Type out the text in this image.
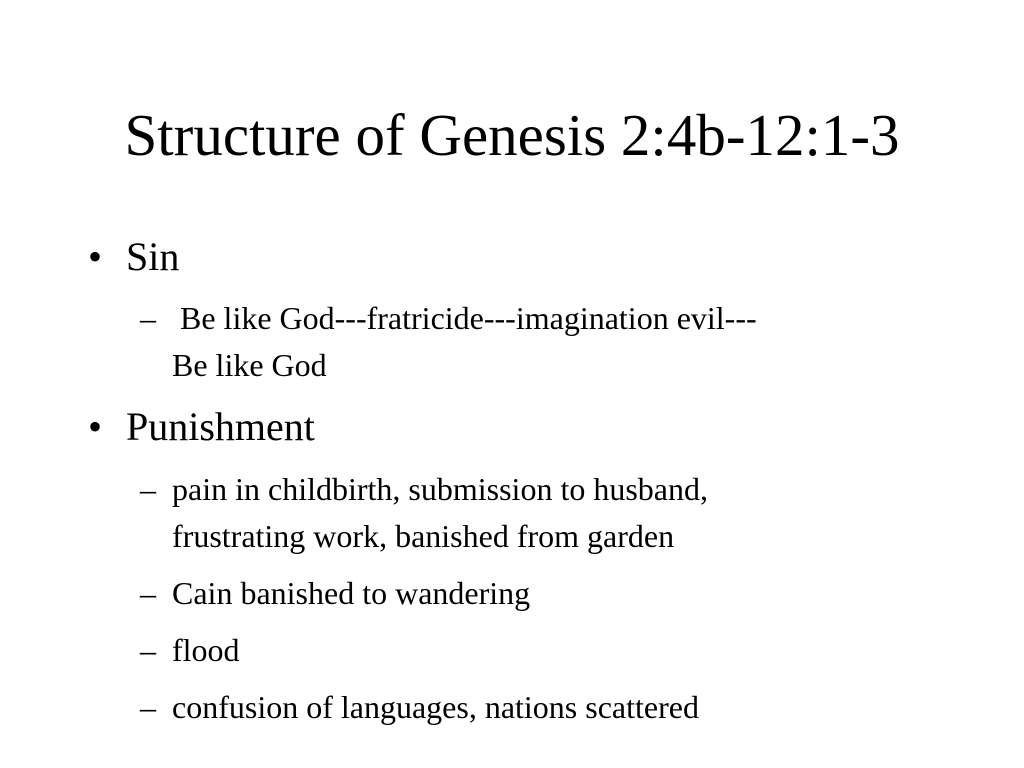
Structure of Genesis 2:4b-12:1-3
• Sin
– Be like God---fratricide---imagination evil---
Be like God
• Punishment
– pain in childbirth, submission to husband,
frustrating work, banished from garden
– Cain banished to wandering
– flood
– confusion of languages, nations scattered
